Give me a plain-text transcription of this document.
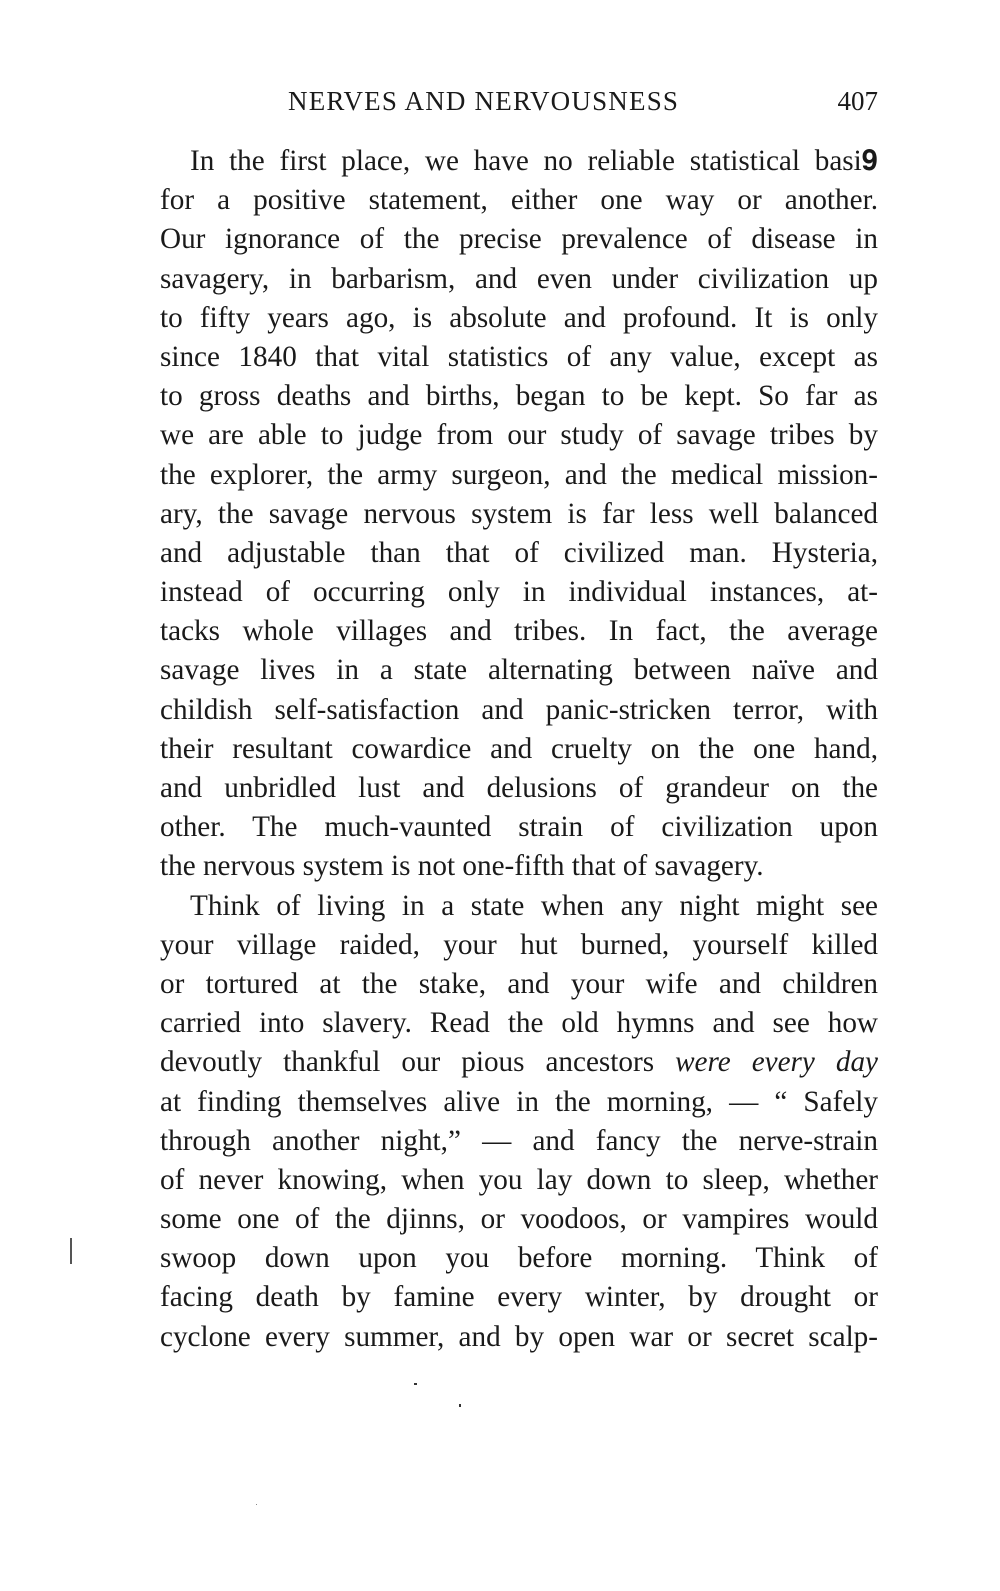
NERVES AND NERVOUSNESS	407
In the first place, we have no reliable statistical basi𝟗
for a positive statement, either one way or another.
Our ignorance of the precise prevalence of disease in
savagery, in barbarism, and even under civilization up
to fifty years ago, is absolute and profound. It is only
since 1840 that vital statistics of any value, except as
to gross deaths and births, began to be kept. So far as
we are able to judge from our study of savage tribes by
the explorer, the army surgeon, and the medical mission-
ary, the savage nervous system is far less well balanced
and adjustable than that of civilized man. Hysteria,
instead of occurring only in individual instances, at-
tacks whole villages and tribes. In fact, the average
savage lives in a state alternating between naïve and
childish self-satisfaction and panic-stricken terror, with
their resultant cowardice and cruelty on the one hand,
and unbridled lust and delusions of grandeur on the
other. The much-vaunted strain of civilization upon
the nervous system is not one-fifth that of savagery.
Think of living in a state when any night might see
your village raided, your hut burned, yourself killed
or tortured at the stake, and your wife and children
carried into slavery. Read the old hymns and see how
devoutly thankful our pious ancestors were every day
at finding themselves alive in the morning, — “ Safely
through another night,” — and fancy the nerve-strain
of never knowing, when you lay down to sleep, whether
some one of the djinns, or voodoos, or vampires would
swoop down upon you before morning. Think of
facing death by famine every winter, by drought or
cyclone every summer, and by open war or secret scalp-
